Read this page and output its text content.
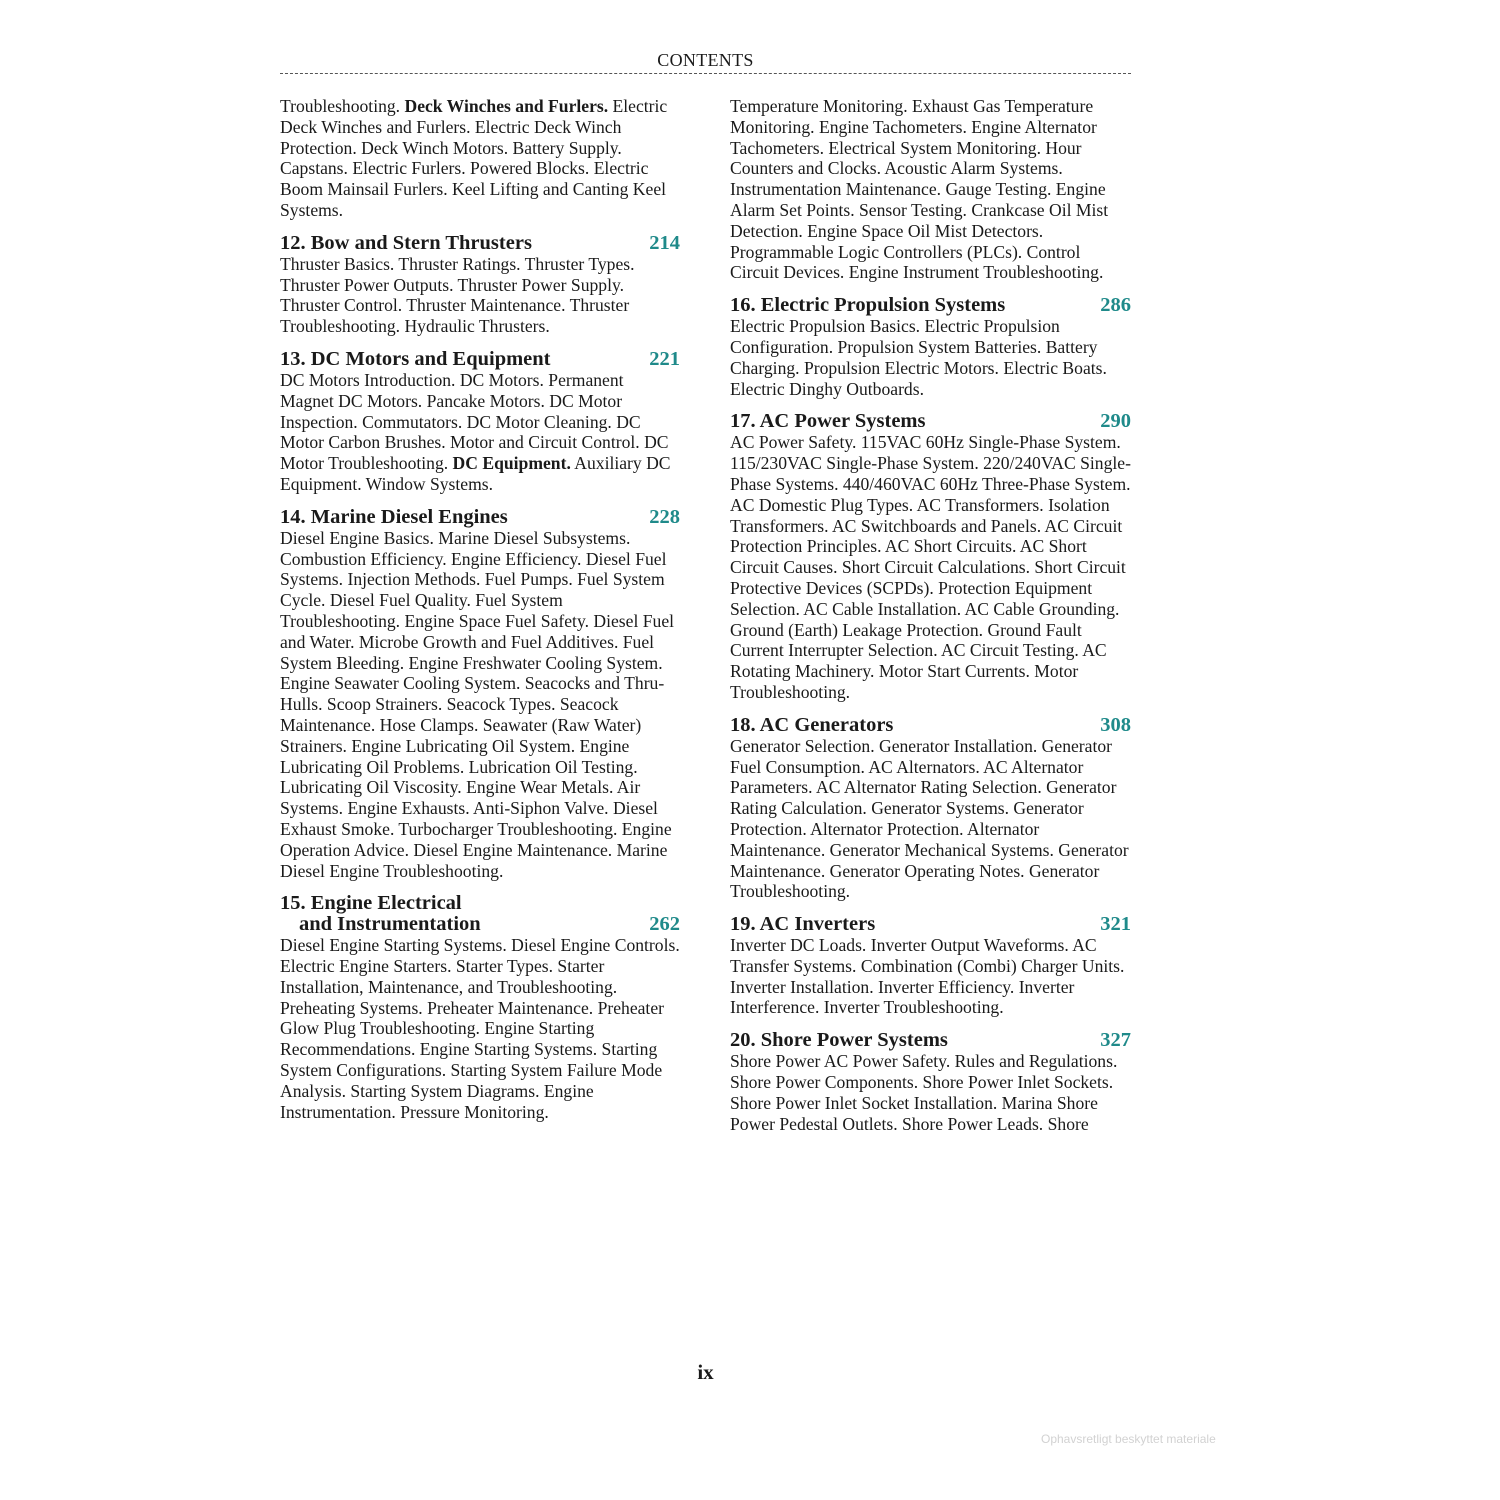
CONTENTS

Troubleshooting. Deck Winches and Furlers. Electric Deck Winches and Furlers. Electric Deck Winch Protection. Deck Winch Motors. Battery Supply. Capstans. Electric Furlers. Powered Blocks. Electric Boom Mainsail Furlers. Keel Lifting and Canting Keel Systems.

12. Bow and Stern Thrusters	214

Thruster Basics. Thruster Ratings. Thruster Types. Thruster Power Outputs. Thruster Power Supply. Thruster Control. Thruster Maintenance. Thruster Troubleshooting. Hydraulic Thrusters.

13. DC Motors and Equipment	221

DC Motors Introduction. DC Motors. Permanent Magnet DC Motors. Pancake Motors. DC Motor Inspection. Commutators. DC Motor Cleaning. DC Motor Carbon Brushes. Motor and Circuit Control. DC Motor Troubleshooting. DC Equipment. Auxiliary DC Equipment. Window Systems.

14. Marine Diesel Engines	228

Diesel Engine Basics. Marine Diesel Subsystems. Combustion Efficiency. Engine Efficiency. Diesel Fuel Systems. Injection Methods. Fuel Pumps. Fuel System Cycle. Diesel Fuel Quality. Fuel System Troubleshooting. Engine Space Fuel Safety. Diesel Fuel and Water. Microbe Growth and Fuel Additives. Fuel System Bleeding. Engine Freshwater Cooling System. Engine Seawater Cooling System. Seacocks and Thru-Hulls. Scoop Strainers. Seacock Types. Seacock Maintenance. Hose Clamps. Seawater (Raw Water) Strainers. Engine Lubricating Oil System. Engine Lubricating Oil Problems. Lubrication Oil Testing. Lubricating Oil Viscosity. Engine Wear Metals. Air Systems. Engine Exhausts. Anti-Siphon Valve. Diesel Exhaust Smoke. Turbocharger Troubleshooting. Engine Operation Advice. Diesel Engine Maintenance. Marine Diesel Engine Troubleshooting.

15. Engine Electrical
and Instrumentation	262

Diesel Engine Starting Systems. Diesel Engine Controls. Electric Engine Starters. Starter Types. Starter Installation, Maintenance, and Troubleshooting. Preheating Systems. Preheater Maintenance. Preheater Glow Plug Troubleshooting. Engine Starting Recommendations. Engine Starting Systems. Starting System Configurations. Starting System Failure Mode Analysis. Starting System Diagrams. Engine Instrumentation. Pressure Monitoring.

Temperature Monitoring. Exhaust Gas Temperature Monitoring. Engine Tachometers. Engine Alternator Tachometers. Electrical System Monitoring. Hour Counters and Clocks. Acoustic Alarm Systems. Instrumentation Maintenance. Gauge Testing. Engine Alarm Set Points. Sensor Testing. Crankcase Oil Mist Detection. Engine Space Oil Mist Detectors. Programmable Logic Controllers (PLCs). Control Circuit Devices. Engine Instrument Troubleshooting.

16. Electric Propulsion Systems	286

Electric Propulsion Basics. Electric Propulsion Configuration. Propulsion System Batteries. Battery Charging. Propulsion Electric Motors. Electric Boats. Electric Dinghy Outboards.

17. AC Power Systems	290

AC Power Safety. 115VAC 60Hz Single-Phase System. 115/230VAC Single-Phase System. 220/240VAC Single-Phase Systems. 440/460VAC 60Hz Three-Phase System. AC Domestic Plug Types. AC Transformers. Isolation Transformers. AC Switchboards and Panels. AC Circuit Protection Principles. AC Short Circuits. AC Short Circuit Causes. Short Circuit Calculations. Short Circuit Protective Devices (SCPDs). Protection Equipment Selection. AC Cable Installation. AC Cable Grounding. Ground (Earth) Leakage Protection. Ground Fault Current Interrupter Selection. AC Circuit Testing. AC Rotating Machinery. Motor Start Currents. Motor Troubleshooting.

18. AC Generators	308

Generator Selection. Generator Installation. Generator Fuel Consumption. AC Alternators. AC Alternator Parameters. AC Alternator Rating Selection. Generator Rating Calculation. Generator Systems. Generator Protection. Alternator Protection. Alternator Maintenance. Generator Mechanical Systems. Generator Maintenance. Generator Operating Notes. Generator Troubleshooting.

19. AC Inverters	321

Inverter DC Loads. Inverter Output Waveforms. AC Transfer Systems. Combination (Combi) Charger Units. Inverter Installation. Inverter Efficiency. Inverter Interference. Inverter Troubleshooting.

20. Shore Power Systems	327

Shore Power AC Power Safety. Rules and Regulations. Shore Power Components. Shore Power Inlet Sockets. Shore Power Inlet Socket Installation. Marina Shore Power Pedestal Outlets. Shore Power Leads. Shore

ix
Ophavsretligt beskyttet materiale
